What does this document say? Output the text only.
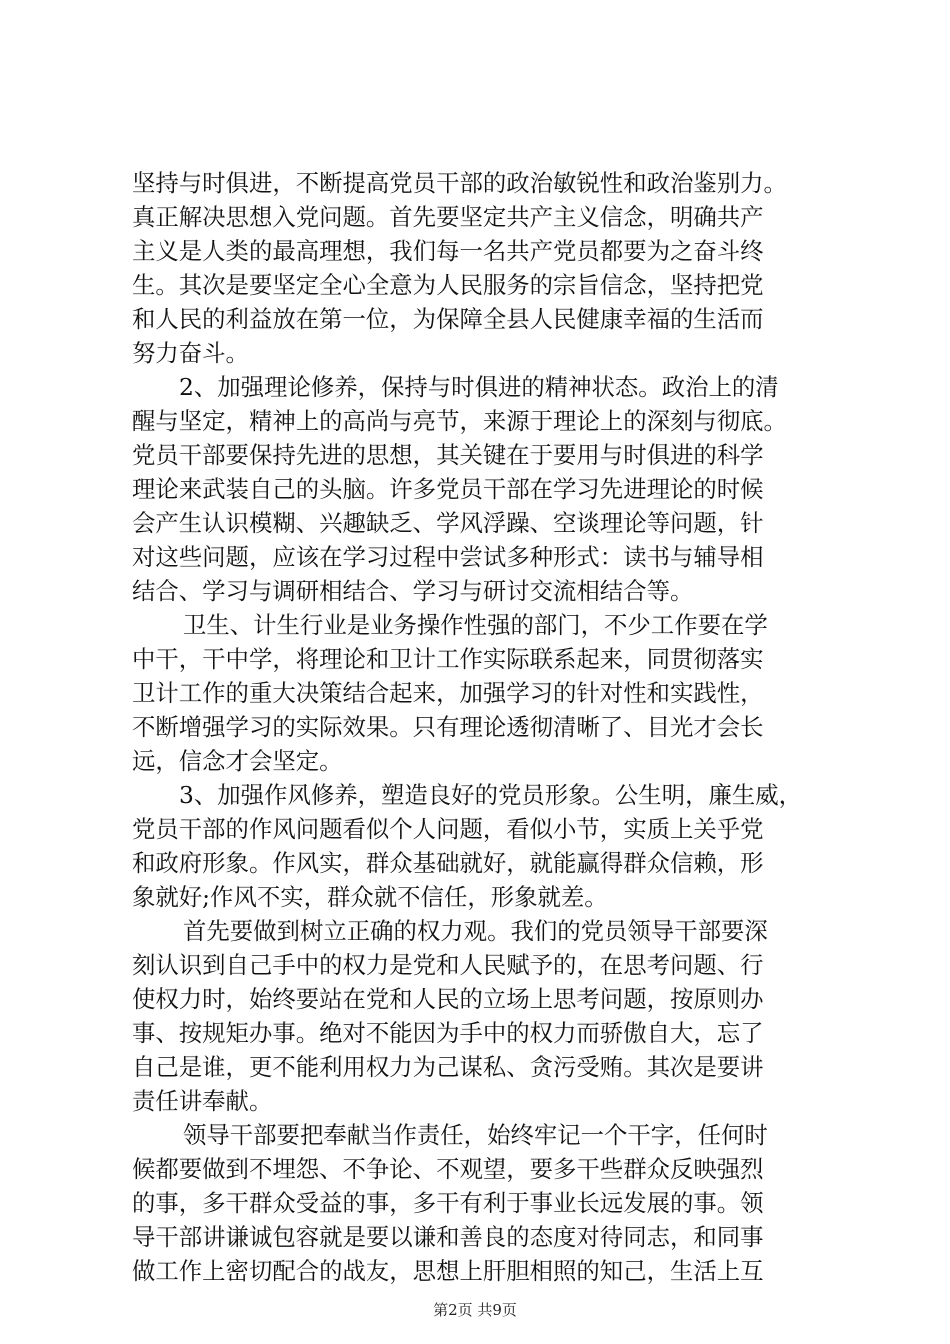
坚持与时俱进，不断提高党员干部的政治敏锐性和政治鉴别力。
真正解决思想入党问题。首先要坚定共产主义信念，明确共产
主义是人类的最高理想，我们每一名共产党员都要为之奋斗终
生。其次是要坚定全心全意为人民服务的宗旨信念，坚持把党
和人民的利益放在第一位，为保障全县人民健康幸福的生活而
努力奋斗。
2、加强理论修养，保持与时俱进的精神状态。政治上的清
醒与坚定，精神上的高尚与亮节，来源于理论上的深刻与彻底。
党员干部要保持先进的思想，其关键在于要用与时俱进的科学
理论来武装自己的头脑。许多党员干部在学习先进理论的时候
会产生认识模糊、兴趣缺乏、学风浮躁、空谈理论等问题，针
对这些问题，应该在学习过程中尝试多种形式：读书与辅导相
结合、学习与调研相结合、学习与研讨交流相结合等。
卫生、计生行业是业务操作性强的部门，不少工作要在学
中干，干中学，将理论和卫计工作实际联系起来，同贯彻落实
卫计工作的重大决策结合起来，加强学习的针对性和实践性，
不断增强学习的实际效果。只有理论透彻清晰了、目光才会长
远，信念才会坚定。
3、加强作风修养，塑造良好的党员形象。公生明，廉生威，
党员干部的作风问题看似个人问题，看似小节，实质上关乎党
和政府形象。作风实，群众基础就好，就能赢得群众信赖，形
象就好;作风不实，群众就不信任，形象就差。
首先要做到树立正确的权力观。我们的党员领导干部要深
刻认识到自己手中的权力是党和人民赋予的，在思考问题、行
使权力时，始终要站在党和人民的立场上思考问题，按原则办
事、按规矩办事。绝对不能因为手中的权力而骄傲自大，忘了
自己是谁，更不能利用权力为己谋私、贪污受贿。其次是要讲
责任讲奉献。
领导干部要把奉献当作责任，始终牢记一个干字，任何时
候都要做到不埋怨、不争论、不观望，要多干些群众反映强烈
的事，多干群众受益的事，多干有利于事业长远发展的事。领
导干部讲谦诚包容就是要以谦和善良的态度对待同志，和同事
做工作上密切配合的战友，思想上肝胆相照的知己，生活上互
第2页 共9页
